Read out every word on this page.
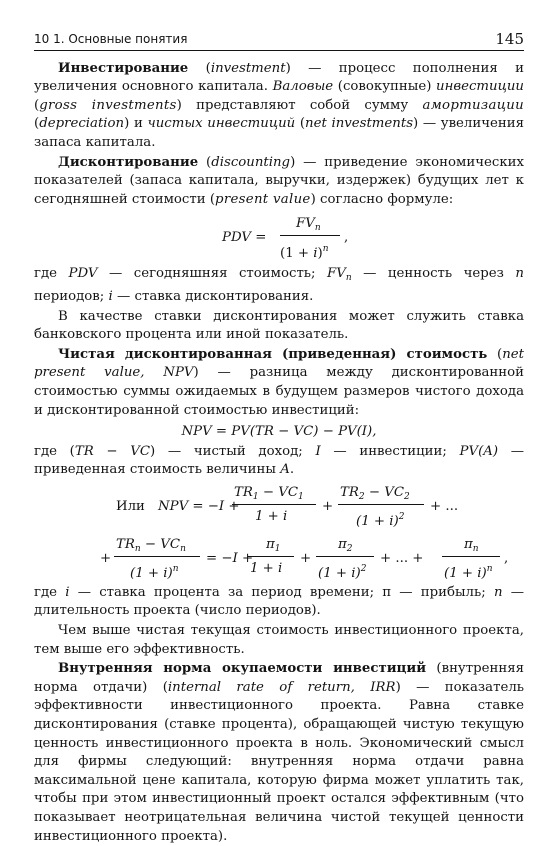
10 1. Основные понятия	145

Инвестирование (investment) — процесс пополнения и увеличения основного капитала. Валовые (совокупные) инвестиции (gross investments) представляют собой сумму амортизации (depreciation) и чистых инвестиций (net investments) — увеличения запаса капитала.

Дисконтирование (discounting) — приведение экономических показателей (запаса капитала, выручки, издержек) будущих лет к сегодняшней стоимости (present value) согласно формуле:

PDV =
$FV_n$
$(1 + i)^n$
,

где PDV — сегодняшняя стоимость; $FV_n$ — ценность через n периодов; i — ставка дисконтирования.

В качестве ставки дисконтирования может служить ставка банковского процента или иной показатель.

Чистая дисконтированная (приведенная) стоимость (net present value, NPV) — разница между дисконтированной стоимостью суммы ожидаемых в будущем размеров чистого дохода и дисконтированной стоимостью инвестиций:

NPV = PV(TR − VC) − PV(I),

где (TR − VC) — чистый доход; I — инвестиции; PV(A) — приведенная стоимость величины A.

Или NPV = −I +
$TR_1 - VC_1$
1 + i
+
$TR_2 - VC_2$
$(1 + i)^2$
+ ...
+
$TR_n - VC_n$
$(1 + i)^n$
= −I +
$\pi_1$
1 + i
+
$\pi_2$
$(1 + i)^2$
+ ... +
$\pi_n$
$(1 + i)^n$
,

где i — ставка процента за период времени; π — прибыль; n — длительность проекта (число периодов).

Чем выше чистая текущая стоимость инвестиционного проекта, тем выше его эффективность.

Внутренняя норма окупаемости инвестиций (внутренняя норма отдачи) (internal rate of return, IRR) — показатель эффективности инвестиционного проекта. Равна ставке дисконтирования (ставке процента), обращающей чистую текущую ценность инвестиционного проекта в ноль. Экономический смысл для фирмы следующий: внутренняя норма отдачи равна максимальной цене капитала, которую фирма может уплатить так, чтобы при этом инвестиционный проект остался эффективным (что показывает неотрицательная величина чистой текущей ценности инвестиционного проекта).
